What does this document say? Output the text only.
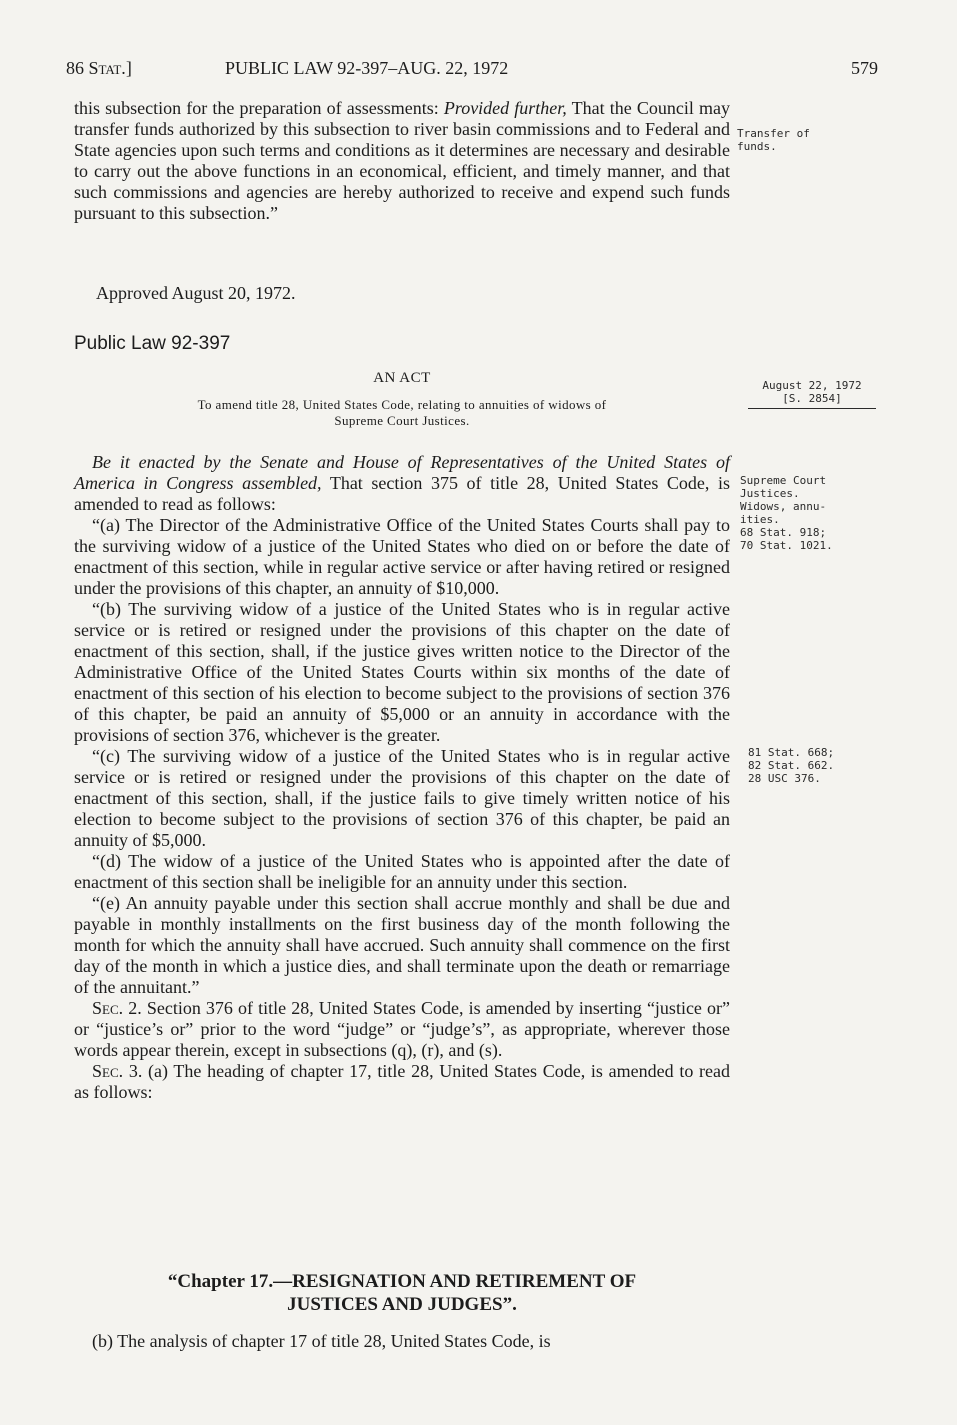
86 Stat.]	PUBLIC LAW 92-397–AUG. 22, 1972	579

this subsection for the preparation of assessments: Provided further, That the Council may transfer funds authorized by this subsection to river basin commissions and to Federal and State agencies upon such terms and conditions as it determines are necessary and desirable to carry out the above functions in an economical, efficient, and timely manner, and that such commissions and agencies are hereby authorized to receive and expend such funds pursuant to this subsection.”

Approved August 20, 1972.
Public Law 92-397
AN ACT

To amend title 28, United States Code, relating to annuities of widows of

Supreme Court Justices.

Be it enacted by the Senate and House of Representatives of the United States of America in Congress assembled, That section 375 of title 28, United States Code, is amended to read as follows:

“(a) The Director of the Administrative Office of the United States Courts shall pay to the surviving widow of a justice of the United States who died on or before the date of enactment of this section, while in regular active service or after having retired or resigned under the provisions of this chapter, an annuity of $10,000.

“(b) The surviving widow of a justice of the United States who is in regular active service or is retired or resigned under the provisions of this chapter on the date of enactment of this section, shall, if the justice gives written notice to the Director of the Administrative Office of the United States Courts within six months of the date of enactment of this section of his election to become subject to the provisions of section 376 of this chapter, be paid an annuity of $5,000 or an annuity in accordance with the provisions of section 376, whichever is the greater.

“(c) The surviving widow of a justice of the United States who is in regular active service or is retired or resigned under the provisions of this chapter on the date of enactment of this section, shall, if the justice fails to give timely written notice of his election to become subject to the provisions of section 376 of this chapter, be paid an annuity of $5,000.

“(d) The widow of a justice of the United States who is appointed after the date of enactment of this section shall be ineligible for an annuity under this section.

“(e) An annuity payable under this section shall accrue monthly and shall be due and payable in monthly installments on the first business day of the month following the month for which the annuity shall have accrued. Such annuity shall commence on the first day of the month in which a justice dies, and shall terminate upon the death or remarriage of the annuitant.”

Sec. 2. Section 376 of title 28, United States Code, is amended by inserting “justice or” or “justice’s or” prior to the word “judge” or “judge’s”, as appropriate, wherever those words appear therein, except in subsections (q), (r), and (s).

Sec. 3. (a) The heading of chapter 17, title 28, United States Code, is amended to read as follows:

“Chapter 17.—RESIGNATION AND RETIREMENT OF

JUSTICES AND JUDGES”.

(b) The analysis of chapter 17 of title 28, United States Code, is

Transfer of

funds.

August 22, 1972

[S. 2854]

Supreme Court

Justices.

Widows, annu-

ities.

68 Stat. 918;

70 Stat. 1021.

81 Stat. 668;

82 Stat. 662.

28 USC 376.
